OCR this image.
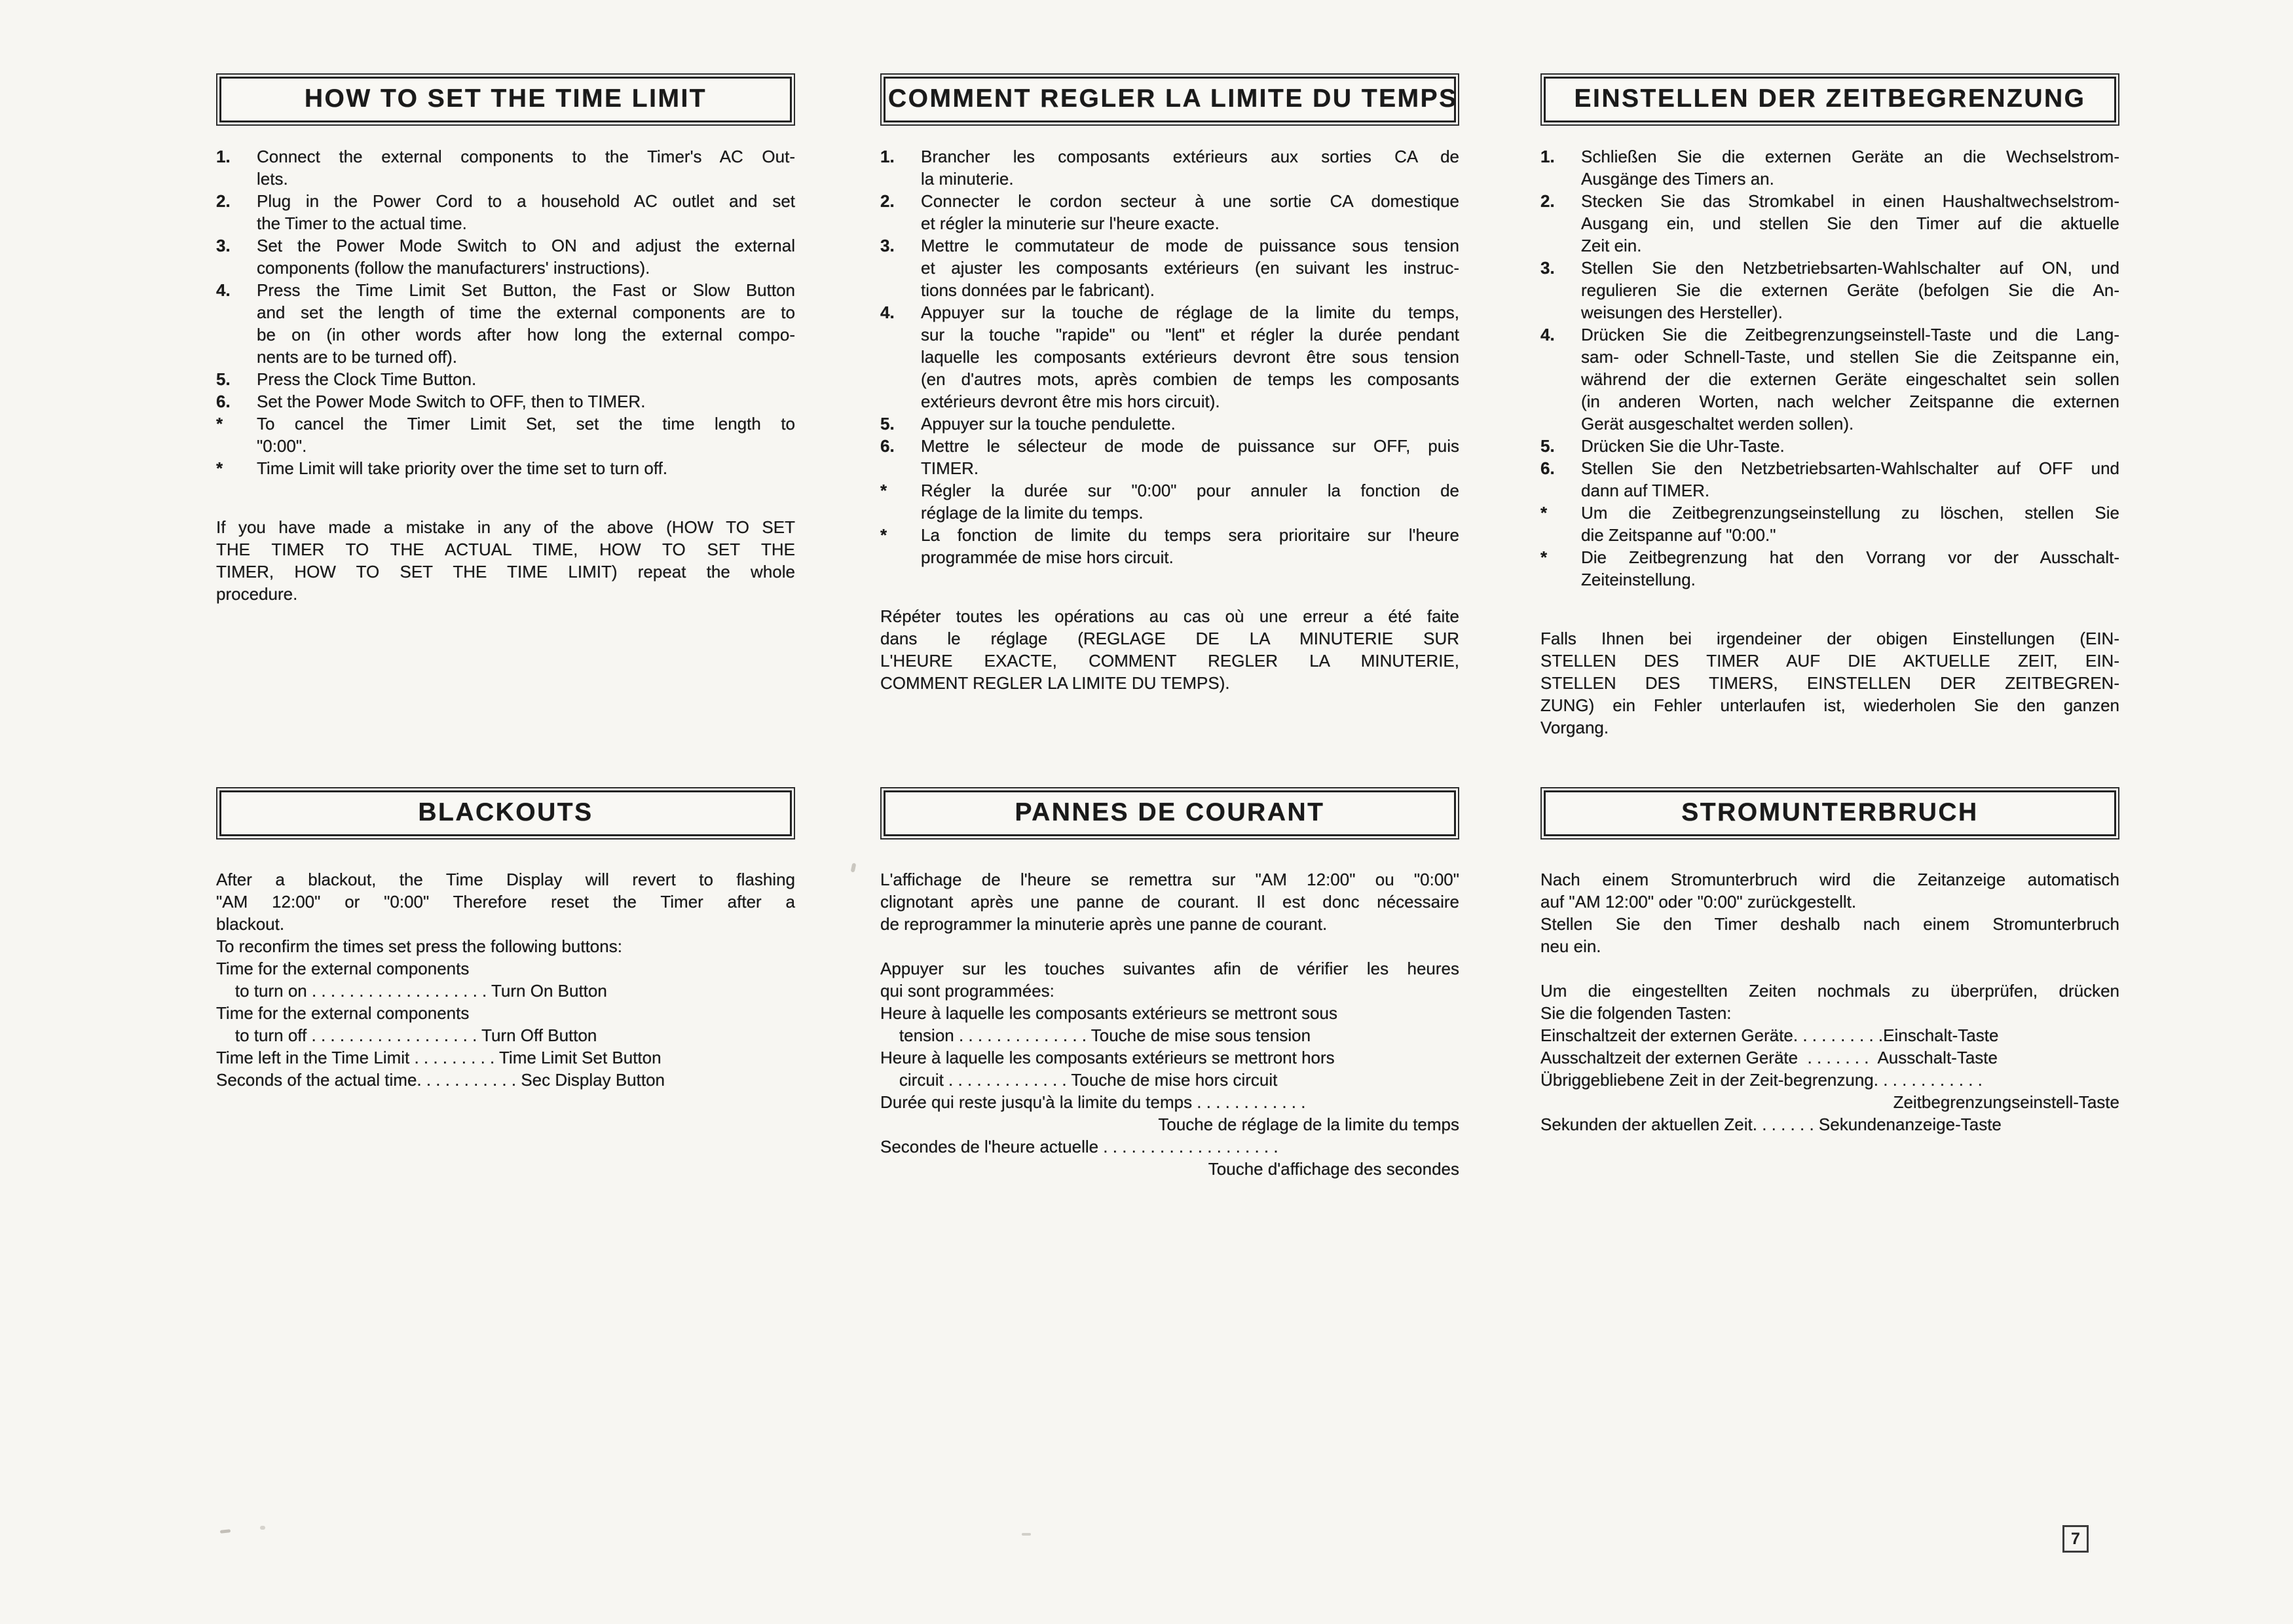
HOW TO SET THE TIME LIMIT
1.	Connect the external components to the Timer's AC Out-
lets.
2.	Plug in the Power Cord to a household AC outlet and set
the Timer to the actual time.
3.	Set the Power Mode Switch to ON and adjust the external
components (follow the manufacturers' instructions).
4.	Press the Time Limit Set Button, the Fast or Slow Button
and set the length of time the external components are to
be on (in other words after how long the external compo-
nents are to be turned off).
5.	Press the Clock Time Button.
6.	Set the Power Mode Switch to OFF, then to TIMER.
*	To cancel the Timer Limit Set, set the time length to
"0:00".
*	Time Limit will take priority over the time set to turn off.
If you have made a mistake in any of the above (HOW TO SET
THE TIMER TO THE ACTUAL TIME, HOW TO SET THE
TIMER, HOW TO SET THE TIME LIMIT) repeat the whole
procedure.
BLACKOUTS
After a blackout, the Time Display will revert to flashing
"AM 12:00" or "0:00" Therefore reset the Timer after a
blackout.
To reconfirm the times set press the following buttons:
Time for the external components
to turn on . . . . . . . . . . . . . . . . . . . Turn On Button
Time for the external components
to turn off . . . . . . . . . . . . . . . . . . Turn Off Button
Time left in the Time Limit . . . . . . . . . Time Limit Set Button
Seconds of the actual time. . . . . . . . . . . Sec Display Button
COMMENT REGLER LA LIMITE DU TEMPS
1.	Brancher les composants extérieurs aux sorties CA de
la minuterie.
2.	Connecter le cordon secteur à une sortie CA domestique
et régler la minuterie sur l'heure exacte.
3.	Mettre le commutateur de mode de puissance sous tension
et ajuster les composants extérieurs (en suivant les instruc-
tions données par le fabricant).
4.	Appuyer sur la touche de réglage de la limite du temps,
sur la touche "rapide" ou "lent" et régler la durée pendant
laquelle les composants extérieurs devront être sous tension
(en d'autres mots, après combien de temps les composants
extérieurs devront être mis hors circuit).
5.	Appuyer sur la touche pendulette.
6.	Mettre le sélecteur de mode de puissance sur OFF, puis
TIMER.
*	Régler la durée sur "0:00" pour annuler la fonction de
réglage de la limite du temps.
*	La fonction de limite du temps sera prioritaire sur l'heure
programmée de mise hors circuit.
Répéter toutes les opérations au cas où une erreur a été faite
dans le réglage (REGLAGE DE LA MINUTERIE SUR
L'HEURE EXACTE, COMMENT REGLER LA MINUTERIE,
COMMENT REGLER LA LIMITE DU TEMPS).
PANNES DE COURANT
L'affichage de l'heure se remettra sur "AM 12:00" ou "0:00"
clignotant après une panne de courant. Il est donc nécessaire
de reprogrammer la minuterie après une panne de courant.
Appuyer sur les touches suivantes afin de vérifier les heures
qui sont programmées:
Heure à laquelle les composants extérieurs se mettront sous
tension . . . . . . . . . . . . . . Touche de mise sous tension
Heure à laquelle les composants extérieurs se mettront hors
circuit . . . . . . . . . . . . . Touche de mise hors circuit
Durée qui reste jusqu'à la limite du temps . . . . . . . . . . . .
Touche de réglage de la limite du temps
Secondes de l'heure actuelle . . . . . . . . . . . . . . . . . . .
Touche d'affichage des secondes
EINSTELLEN DER ZEITBEGRENZUNG
1.	Schließen Sie die externen Geräte an die Wechselstrom-
Ausgänge des Timers an.
2.	Stecken Sie das Stromkabel in einen Haushaltwechselstrom-
Ausgang ein, und stellen Sie den Timer auf die aktuelle
Zeit ein.
3.	Stellen Sie den Netzbetriebsarten-Wahlschalter auf ON, und
regulieren Sie die externen Geräte (befolgen Sie die An-
weisungen des Hersteller).
4.	Drücken Sie die Zeitbegrenzungseinstell-Taste und die Lang-
sam- oder Schnell-Taste, und stellen Sie die Zeitspanne ein,
während der die externen Geräte eingeschaltet sein sollen
(in anderen Worten, nach welcher Zeitspanne die externen
Gerät ausgeschaltet werden sollen).
5.	Drücken Sie die Uhr-Taste.
6.	Stellen Sie den Netzbetriebsarten-Wahlschalter auf OFF und
dann auf TIMER.
*	Um die Zeitbegrenzungseinstellung zu löschen, stellen Sie
die Zeitspanne auf "0:00."
*	Die Zeitbegrenzung hat den Vorrang vor der Ausschalt-
Zeiteinstellung.
Falls Ihnen bei irgendeiner der obigen Einstellungen (EIN-
STELLEN DES TIMER AUF DIE AKTUELLE ZEIT, EIN-
STELLEN DES TIMERS, EINSTELLEN DER ZEITBEGREN-
ZUNG) ein Fehler unterlaufen ist, wiederholen Sie den ganzen
Vorgang.
STROMUNTERBRUCH
Nach einem Stromunterbruch wird die Zeitanzeige automatisch
auf "AM 12:00" oder "0:00" zurückgestellt.
Stellen Sie den Timer deshalb nach einem Stromunterbruch
neu ein.
Um die eingestellten Zeiten nochmals zu überprüfen, drücken
Sie die folgenden Tasten:
Einschaltzeit der externen Geräte. . . . . . . . . .Einschalt-Taste
Ausschaltzeit der externen Geräte  . . . . . . .  Ausschalt-Taste
Übriggebliebene Zeit in der Zeit-begrenzung. . . . . . . . . . . .
Zeitbegrenzungseinstell-Taste
Sekunden der aktuellen Zeit. . . . . . . Sekundenanzeige-Taste
7
